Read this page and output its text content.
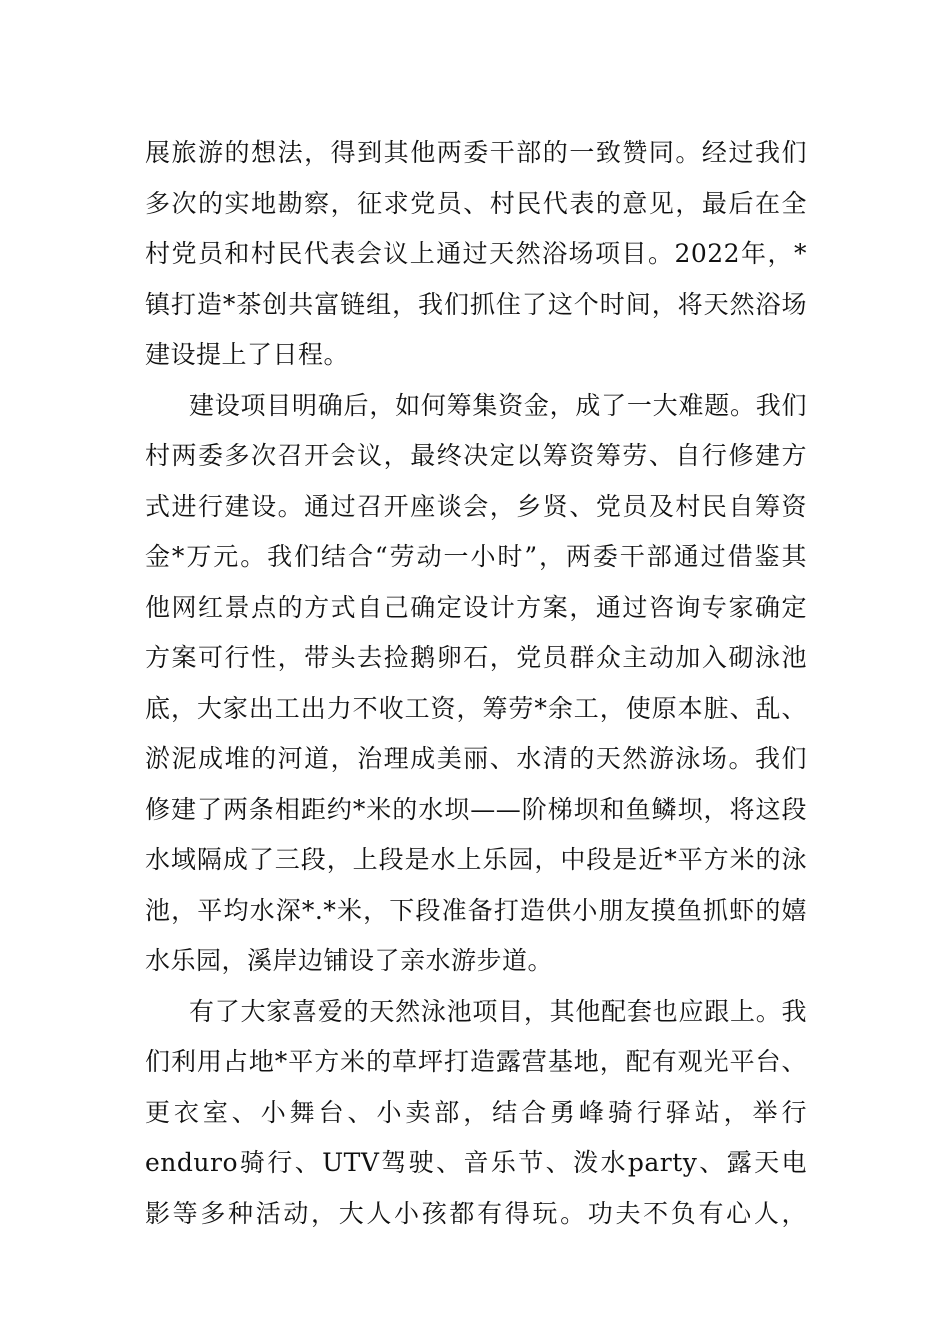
展旅游的想法，得到其他两委干部的一致赞同。经过我们
多次的实地勘察，征求党员、村民代表的意见，最后在全
村党员和村民代表会议上通过天然浴场项目。2022年，*
镇打造*茶创共富链组，我们抓住了这个时间，将天然浴场
建设提上了日程。
建设项目明确后，如何筹集资金，成了一大难题。我们
村两委多次召开会议，最终决定以筹资筹劳、自行修建方
式进行建设。通过召开座谈会，乡贤、党员及村民自筹资
金*万元。我们结合“劳动一小时”，两委干部通过借鉴其
他网红景点的方式自己确定设计方案，通过咨询专家确定
方案可行性，带头去捡鹅卵石，党员群众主动加入砌泳池
底，大家出工出力不收工资，筹劳*余工，使原本脏、乱、
淤泥成堆的河道，治理成美丽、水清的天然游泳场。我们
修建了两条相距约*米的水坝——阶梯坝和鱼鳞坝，将这段
水域隔成了三段，上段是水上乐园，中段是近*平方米的泳
池，平均水深*.*米，下段准备打造供小朋友摸鱼抓虾的嬉
水乐园，溪岸边铺设了亲水游步道。
有了大家喜爱的天然泳池项目，其他配套也应跟上。我
们利用占地*平方米的草坪打造露营基地，配有观光平台、
更衣室、小舞台、小卖部，结合勇峰骑行驿站，举行
enduro骑行、UTV驾驶、音乐节、泼水party、露天电
影等多种活动，大人小孩都有得玩。功夫不负有心人，
